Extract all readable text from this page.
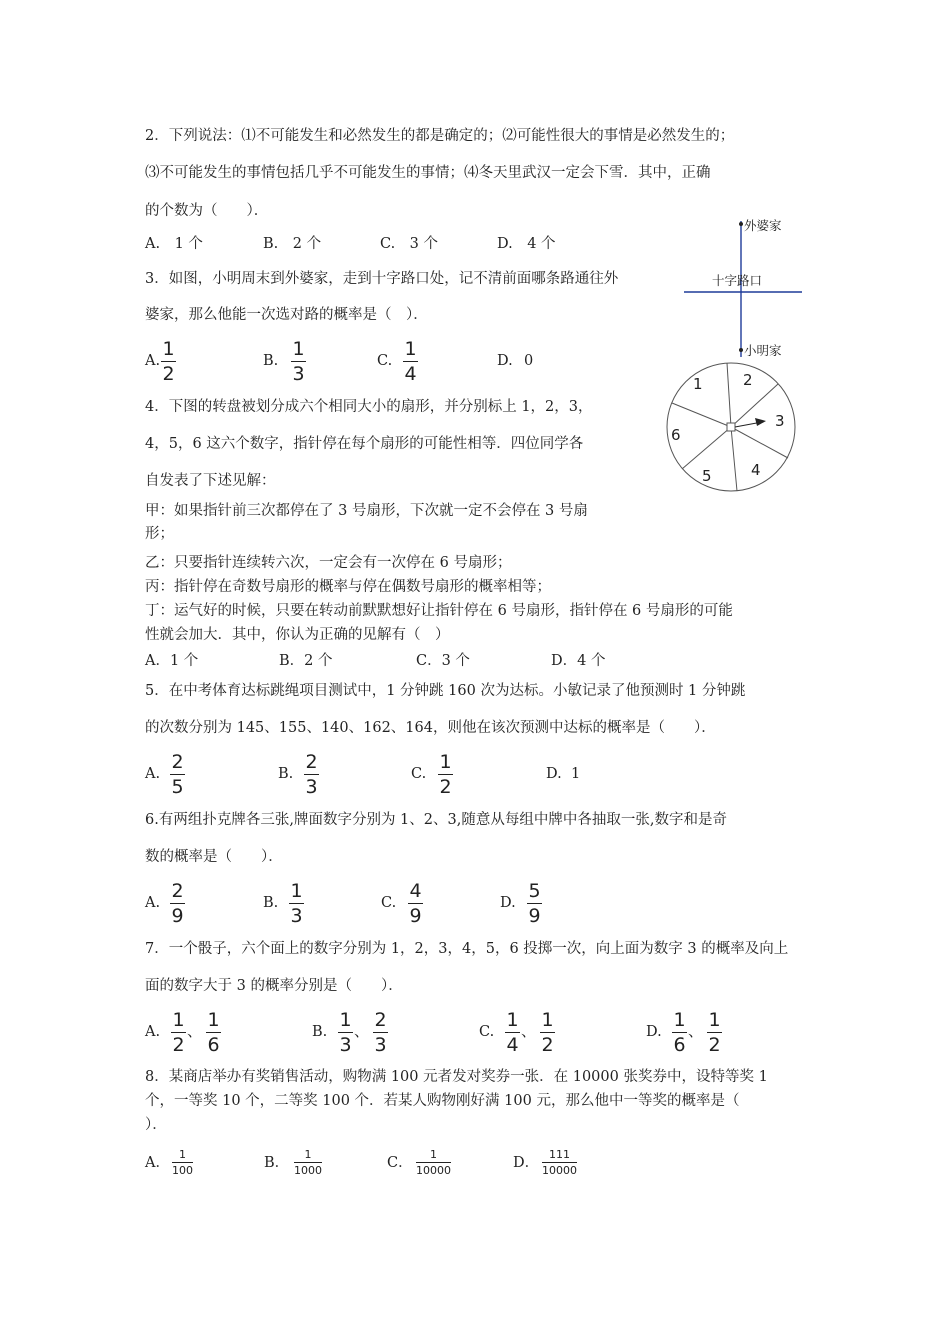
2．下列说法：⑴不可能发生和必然发生的都是确定的；⑵可能性很大的事情是必然发生的；
⑶不可能发生的事情包括几乎不可能发生的事情；⑷冬天里武汉一定会下雪．其中，正确
的个数为（　　）．
A.　1 个	B.　2 个	C.　3 个	D.　4 个
外婆家
十字路口
小明家
3．如图，小明周末到外婆家，走到十字路口处，记不清前面哪条路通往外
婆家，那么他能一次选对路的概率是（　）．
A.
1
2
B.
1
3
C.
1
4
D. 0
1	2
3
4
5
6
4．下图的转盘被划分成六个相同大小的扇形，并分别标上 1，2，3，
4，5，6 这六个数字，指针停在每个扇形的可能性相等．四位同学各
自发表了下述见解：
甲：如果指针前三次都停在了 3 号扇形，下次就一定不会停在 3 号扇
形；
乙：只要指针连续转六次，一定会有一次停在 6 号扇形；
丙：指针停在奇数号扇形的概率与停在偶数号扇形的概率相等；
丁：运气好的时候，只要在转动前默默想好让指针停在 6 号扇形，指针停在 6 号扇形的可能
性就会加大．其中，你认为正确的见解有（　）
A．1 个	B．2 个	C．3 个	D．4 个
5．在中考体育达标跳绳项目测试中，1 分钟跳 160 次为达标。小敏记录了他预测时 1 分钟跳
的次数分别为 145、155、140、162、164，则他在该次预测中达标的概率是（　　）．
A.
2
5
B.
2
3
C.
1
2
D. 1
6.有两组扑克牌各三张,牌面数字分别为 1、2、3,随意从每组中牌中各抽取一张,数字和是奇
数的概率是（　　）．
A.
2
9
B.
1
3
C.
4
9
D.
5
9
7．一个骰子，六个面上的数字分别为 1，2，3，4，5，6 投掷一次，向上面为数字 3 的概率及向上
面的数字大于 3 的概率分别是（　　）．
A.
1
2
、 1
6
B.
1
3
、 2
3
C.
1
4
、 1
2
D.
1
6
、 1
2
8．某商店举办有奖销售活动，购物满 100 元者发对奖券一张．在 10000 张奖券中，设特等奖 1
个，一等奖 10 个，二等奖 100 个．若某人购物刚好满 100 元，那么他中一等奖的概率是（
）．
A．
1
100	B．
1
1000	C．
1
10000	D．
111
10000
